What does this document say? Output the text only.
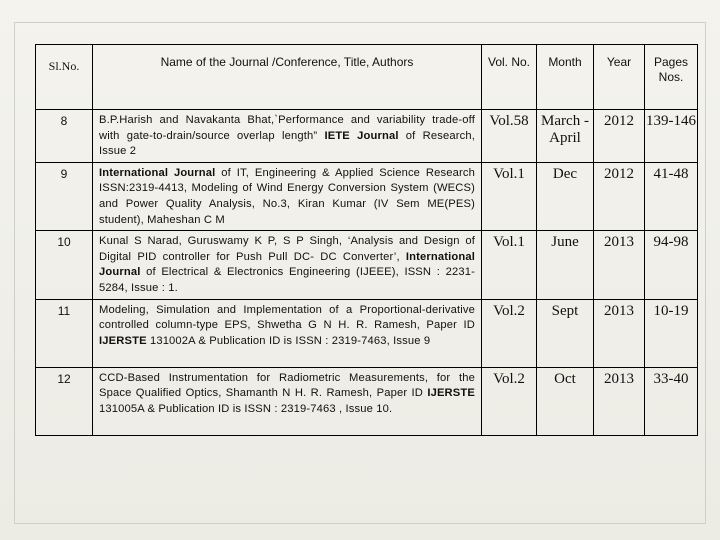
Sl.No.	Name of the Journal /Conference, Title, Authors	Vol. No.	Month	Year	Pages Nos.
8	B.P.Harish and Navakanta Bhat,`Performance and variability trade-off with gate-to-drain/source overlap length” IETE Journal of Research, Issue 2	Vol.58	March -April	2012	139-146
9	International Journal of IT, Engineering & Applied Science Research ISSN:2319-4413, Modeling of Wind Energy Conversion System (WECS) and Power Quality Analysis, No.3, Kiran Kumar (IV Sem ME(PES) student), Maheshan C M	Vol.1	Dec	2012	41-48
10	Kunal S Narad, Guruswamy K P, S P Singh, ‘Analysis and Design of Digital PID controller for Push Pull DC- DC Converter’, International Journal of Electrical & Electronics Engineering (IJEEE), ISSN : 2231-5284, Issue : 1.	Vol.1	June	2013	94-98
11	Modeling, Simulation and Implementation of a Proportional-derivative controlled column-type EPS, Shwetha G N H. R. Ramesh, Paper ID IJERSTE 131002A & Publication ID is ISSN : 2319-7463, Issue 9	Vol.2	Sept	2013	10-19
12	CCD-Based Instrumentation for Radiometric Measurements, for the Space Qualified Optics, Shamanth N H. R. Ramesh, Paper ID IJERSTE 131005A & Publication ID is ISSN : 2319-7463 , Issue 10.	Vol.2	Oct	2013	33-40
